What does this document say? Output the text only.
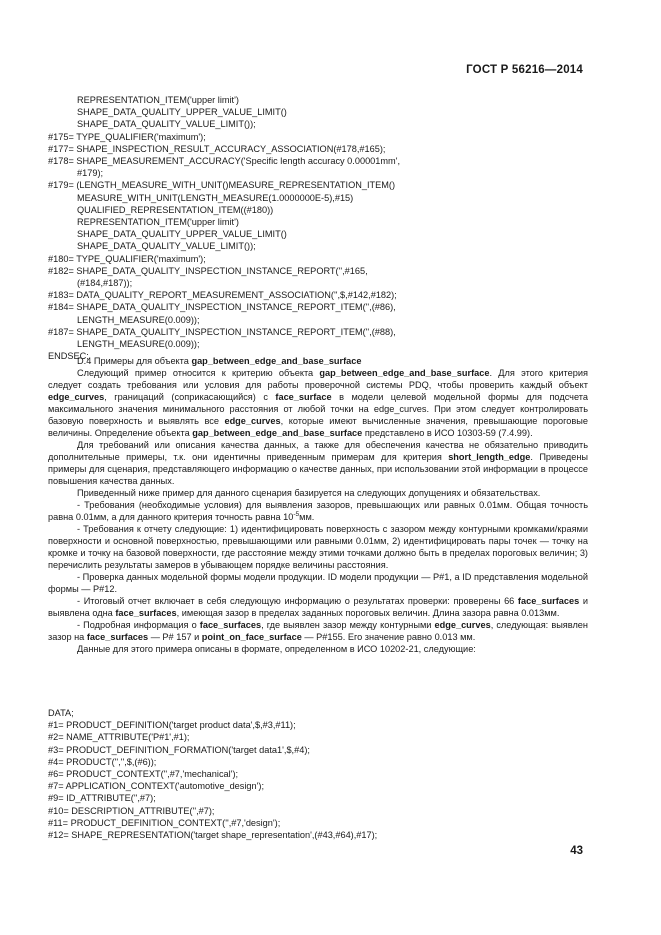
ГОСТ Р 56216—2014
REPRESENTATION_ITEM('upper limit')
SHAPE_DATA_QUALITY_UPPER_VALUE_LIMIT()
SHAPE_DATA_QUALITY_VALUE_LIMIT());
#175= TYPE_QUALIFIER('maximum');
#177= SHAPE_INSPECTION_RESULT_ACCURACY_ASSOCIATION(#178,#165);
#178= SHAPE_MEASUREMENT_ACCURACY('Specific length accuracy 0.00001mm',
#179);
#179= (LENGTH_MEASURE_WITH_UNIT()MEASURE_REPRESENTATION_ITEM()
MEASURE_WITH_UNIT(LENGTH_MEASURE(1.0000000E-5),#15)
QUALIFIED_REPRESENTATION_ITEM((#180))
REPRESENTATION_ITEM('upper limit')
SHAPE_DATA_QUALITY_UPPER_VALUE_LIMIT()
SHAPE_DATA_QUALITY_VALUE_LIMIT());
#180= TYPE_QUALIFIER('maximum');
#182= SHAPE_DATA_QUALITY_INSPECTION_INSTANCE_REPORT('',#165,
(#184,#187));
#183= DATA_QUALITY_REPORT_MEASUREMENT_ASSOCIATION('',$,#142,#182);
#184= SHAPE_DATA_QUALITY_INSPECTION_INSTANCE_REPORT_ITEM('',(#86),
LENGTH_MEASURE(0.009));
#187= SHAPE_DATA_QUALITY_INSPECTION_INSTANCE_REPORT_ITEM('',(#88),
LENGTH_MEASURE(0.009));
ENDSEC;

D.4 Примеры для объекта gap_between_edge_and_base_surface

Следующий пример относится к критерию объекта gap_between_edge_and_base_surface. Для этого критерия следует создать требования или условия для работы проверочной системы PDQ, чтобы проверить каждый объект edge_curves, границаций (соприкасающийся) с face_surface в модели целевой модельной формы для подсчета максимального значения минимального расстояния от любой точки на edge_curves. При этом следует контролировать базовую поверхность и выявлять все edge_curves, которые имеют вычисленные значения, превышающие пороговые величины. Определение объекта gap_between_edge_and_base_surface представлено в ИСО 10303-59 (7.4.99).

Для требований или описания качества данных, а также для обеспечения качества не обязательно приводить дополнительные примеры, т.к. они идентичны приведенным примерам для критерия short_length_edge. Приведены примеры для сценария, представляющего информацию о качестве данных, при использовании этой информации в процессе повышения качества данных.

Приведенный ниже пример для данного сценария базируется на следующих допущениях и обязательствах.

- Требования (необходимые условия) для выявления зазоров, превышающих или равных 0.01мм. Общая точность равна 0.01мм, а для данного критерия точность равна $10^{-5}мм$.

- Требования к отчету следующие: 1) идентифицировать поверхность с зазором между контурными кромками/краями поверхности и основной поверхностью, превышающими или равными 0.01мм, 2) идентифицировать пары точек — точку на кромке и точку на базовой поверхности, где расстояние между этими точками должно быть в пределах пороговых величин; 3) перечислить результаты замеров в убывающем порядке величины расстояния.

- Проверка данных модельной формы модели продукции. ID модели продукции — P#1, а ID представления модельной формы — P#12.

- Итоговый отчет включает в себя следующую информацию о результатах проверки: проверены 66 face_surfaces и выявлена одна face_surfaces, имеющая зазор в пределах заданных пороговых величин. Длина зазора равна 0.013мм.

- Подробная информация о face_surfaces, где выявлен зазор между контурными edge_curves, следующая: выявлен зазор на face_surfaces — P# 157 и point_on_face_surface — P#155. Его значение равно 0.013 мм.

Данные для этого примера описаны в формате, определенном в ИСО 10202-21, следующие:

DATA;
#1= PRODUCT_DEFINITION('target product data',$,#3,#11);
#2= NAME_ATTRIBUTE('P#1',#1);
#3= PRODUCT_DEFINITION_FORMATION('target data1',$,#4);
#4= PRODUCT('','',$,(#6));
#6= PRODUCT_CONTEXT('',#7,'mechanical');
#7= APPLICATION_CONTEXT('automotive_design');
#9= ID_ATTRIBUTE('',#7);
#10= DESCRIPTION_ATTRIBUTE('',#7);
#11= PRODUCT_DEFINITION_CONTEXT('',#7,'design');
#12= SHAPE_REPRESENTATION('target shape_representation',(#43,#64),#17);
43
